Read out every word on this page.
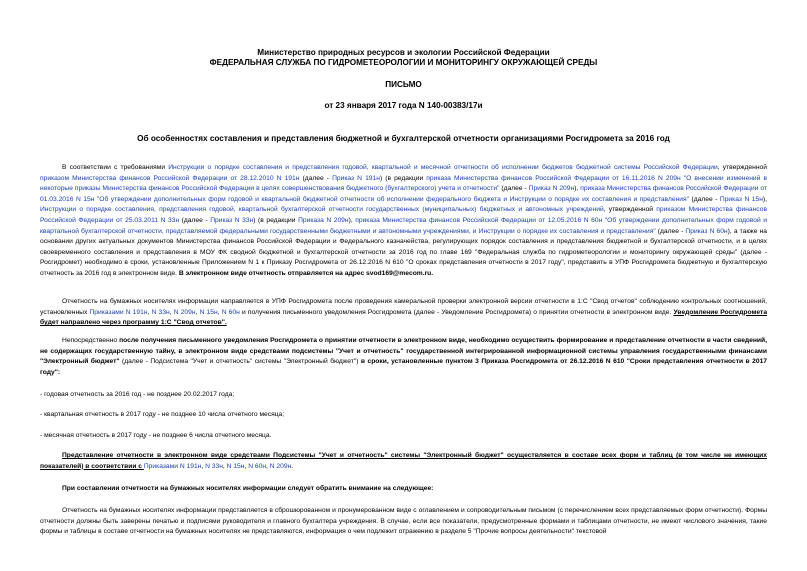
Министерство природных ресурсов и экологии Российской Федерации
ФЕДЕРАЛЬНАЯ СЛУЖБА ПО ГИДРОМЕТЕОРОЛОГИИ И МОНИТОРИНГУ ОКРУЖАЮЩЕЙ СРЕДЫ
ПИСЬМО
от 23 января 2017 года N 140-00383/17и
Об особенностях составления и представления бюджетной и бухгалтерской отчетности организациями Росгидромета за 2016 год
В соответствии с требованиями Инструкции о порядке составления и представления годовой, квартальной и месячной отчетности об исполнении бюджетов бюджетной системы Российской Федерации, утвержденной приказом Министерства финансов Российской Федерации от 28.12.2010 N 191н (далее - Приказ N 191н) (в редакции приказа Министерства финансов Российской Федерации от 16.11.2016 N 209н "О внесении изменений в некоторые приказы Министерства финансов Российской Федерации в целях совершенствования бюджетного (бухгалтерского) учета и отчетности" (далее - Приказ N 209н), приказа Министерства финансов Российской Федерации от 01.03.2016 N 15н "Об утверждении дополнительных форм годовой и квартальной бюджетной отчетности об исполнении федерального бюджета и Инструкции о порядке их составления и представления" (далее - Приказ N 15н), Инструкции о порядке составления, представления годовой, квартальной бухгалтерской отчетности государственных (муниципальных) бюджетных и автономных учреждений, утвержденной приказом Министерства финансов Российской Федерации от 25.03.2011 N 33н (далее - Приказ N 33н) (в редакции Приказа N 209н), приказа Министерства финансов Российской Федерации от 12.05.2016 N 60н "Об утверждении дополнительных форм годовой и квартальной бухгалтерской отчетности, представляемой федеральными государственными бюджетными и автономными учреждениями, и Инструкции о порядке их составления и представления" (далее - Приказ N 60н), а также на основании других актуальных документов Министерства финансов Российской Федерации и Федерального казначейства, регулирующих порядок составления и представления бюджетной и бухгалтерской отчетности, и в целях своевременного составления и представления в МОУ ФК сводной бюджетной и бухгалтерской отчетности за 2016 год по главе 169 "Федеральная служба по гидрометеорологии и мониторингу окружающей среды" (далее - Росгидромет) необходимо в сроки, установленные Приложением N 1 к Приказу Росгидромета от 26.12.2016 N 610 "О сроках представления отчетности в 2017 году", представить в УПФ Росгидромета бюджетную и бухгалтерскую отчетность за 2016 год в электронном виде. В электронном виде отчетность отправляется на адрес svod169@mecom.ru.
Отчетность на бумажных носителях информации направляется в УПФ Росгидромета после проведения камеральной проверки электронной версии отчетности в 1:С "Свод отчетов" соблюдению контрольных соотношений, установленных Приказами N 191н, N 33н, N 209н, N 15н, N 60н и получения письменного уведомления Росгидромета (далее - Уведомление Росгидромета) о принятии отчетности в электронном виде. Уведомление Росгидромета будет направлено через программу 1:С "Свод отчетов".
Непосредственно после получения письменного уведомления Росгидромета о принятии отчетности в электронном виде, необходимо осуществить формирование и представление отчетности в части сведений, не содержащих государственную тайну, в электронном виде средствами подсистемы "Учет и отчетность" государственной интегрированной информационной системы управления государственными финансами "Электронный бюджет" (далее - Подсистема "Учет и отчетность" системы "Электронный бюджет") в сроки, установленные пунктом 3 Приказа Росгидромета от 26.12.2016 N 610 "Сроки представления отчетности в 2017 году":
- годовая отчетность за 2016 год - не позднее 20.02.2017 года;
- квартальная отчетность в 2017 году - не позднее 10 числа отчетного месяца;
- месячная отчетность в 2017 году - не позднее 6 числа отчетного месяца.
Представление отчетности в электронном виде средствами Подсистемы "Учет и отчетность" системы "Электронный бюджет" осуществляется в составе всех форм и таблиц (в том числе не имеющих показателей) в соответствии с Приказами N 191н, N 33н, N 15н, N 60н, N 209н.
При составлении отчетности на бумажных носителях информации следует обратить внимание на следующее:
Отчетность на бумажных носителях информации представляется в сброшюрованном и пронумерованном виде с оглавлением и сопроводительным письмом (с перечислением всех представляемых форм отчетности). Формы отчетности должны быть заверены печатью и подписями руководителя и главного бухгалтера учреждения. В случае, если все показатели, предусмотренные формами и таблицами отчетности, не имеют числового значения, такие формы и таблицы в составе отчетности на бумажных носителях не представляются, информация о чем подлежит отражению в разделе 5 "Прочие вопросы деятельности" текстовой
